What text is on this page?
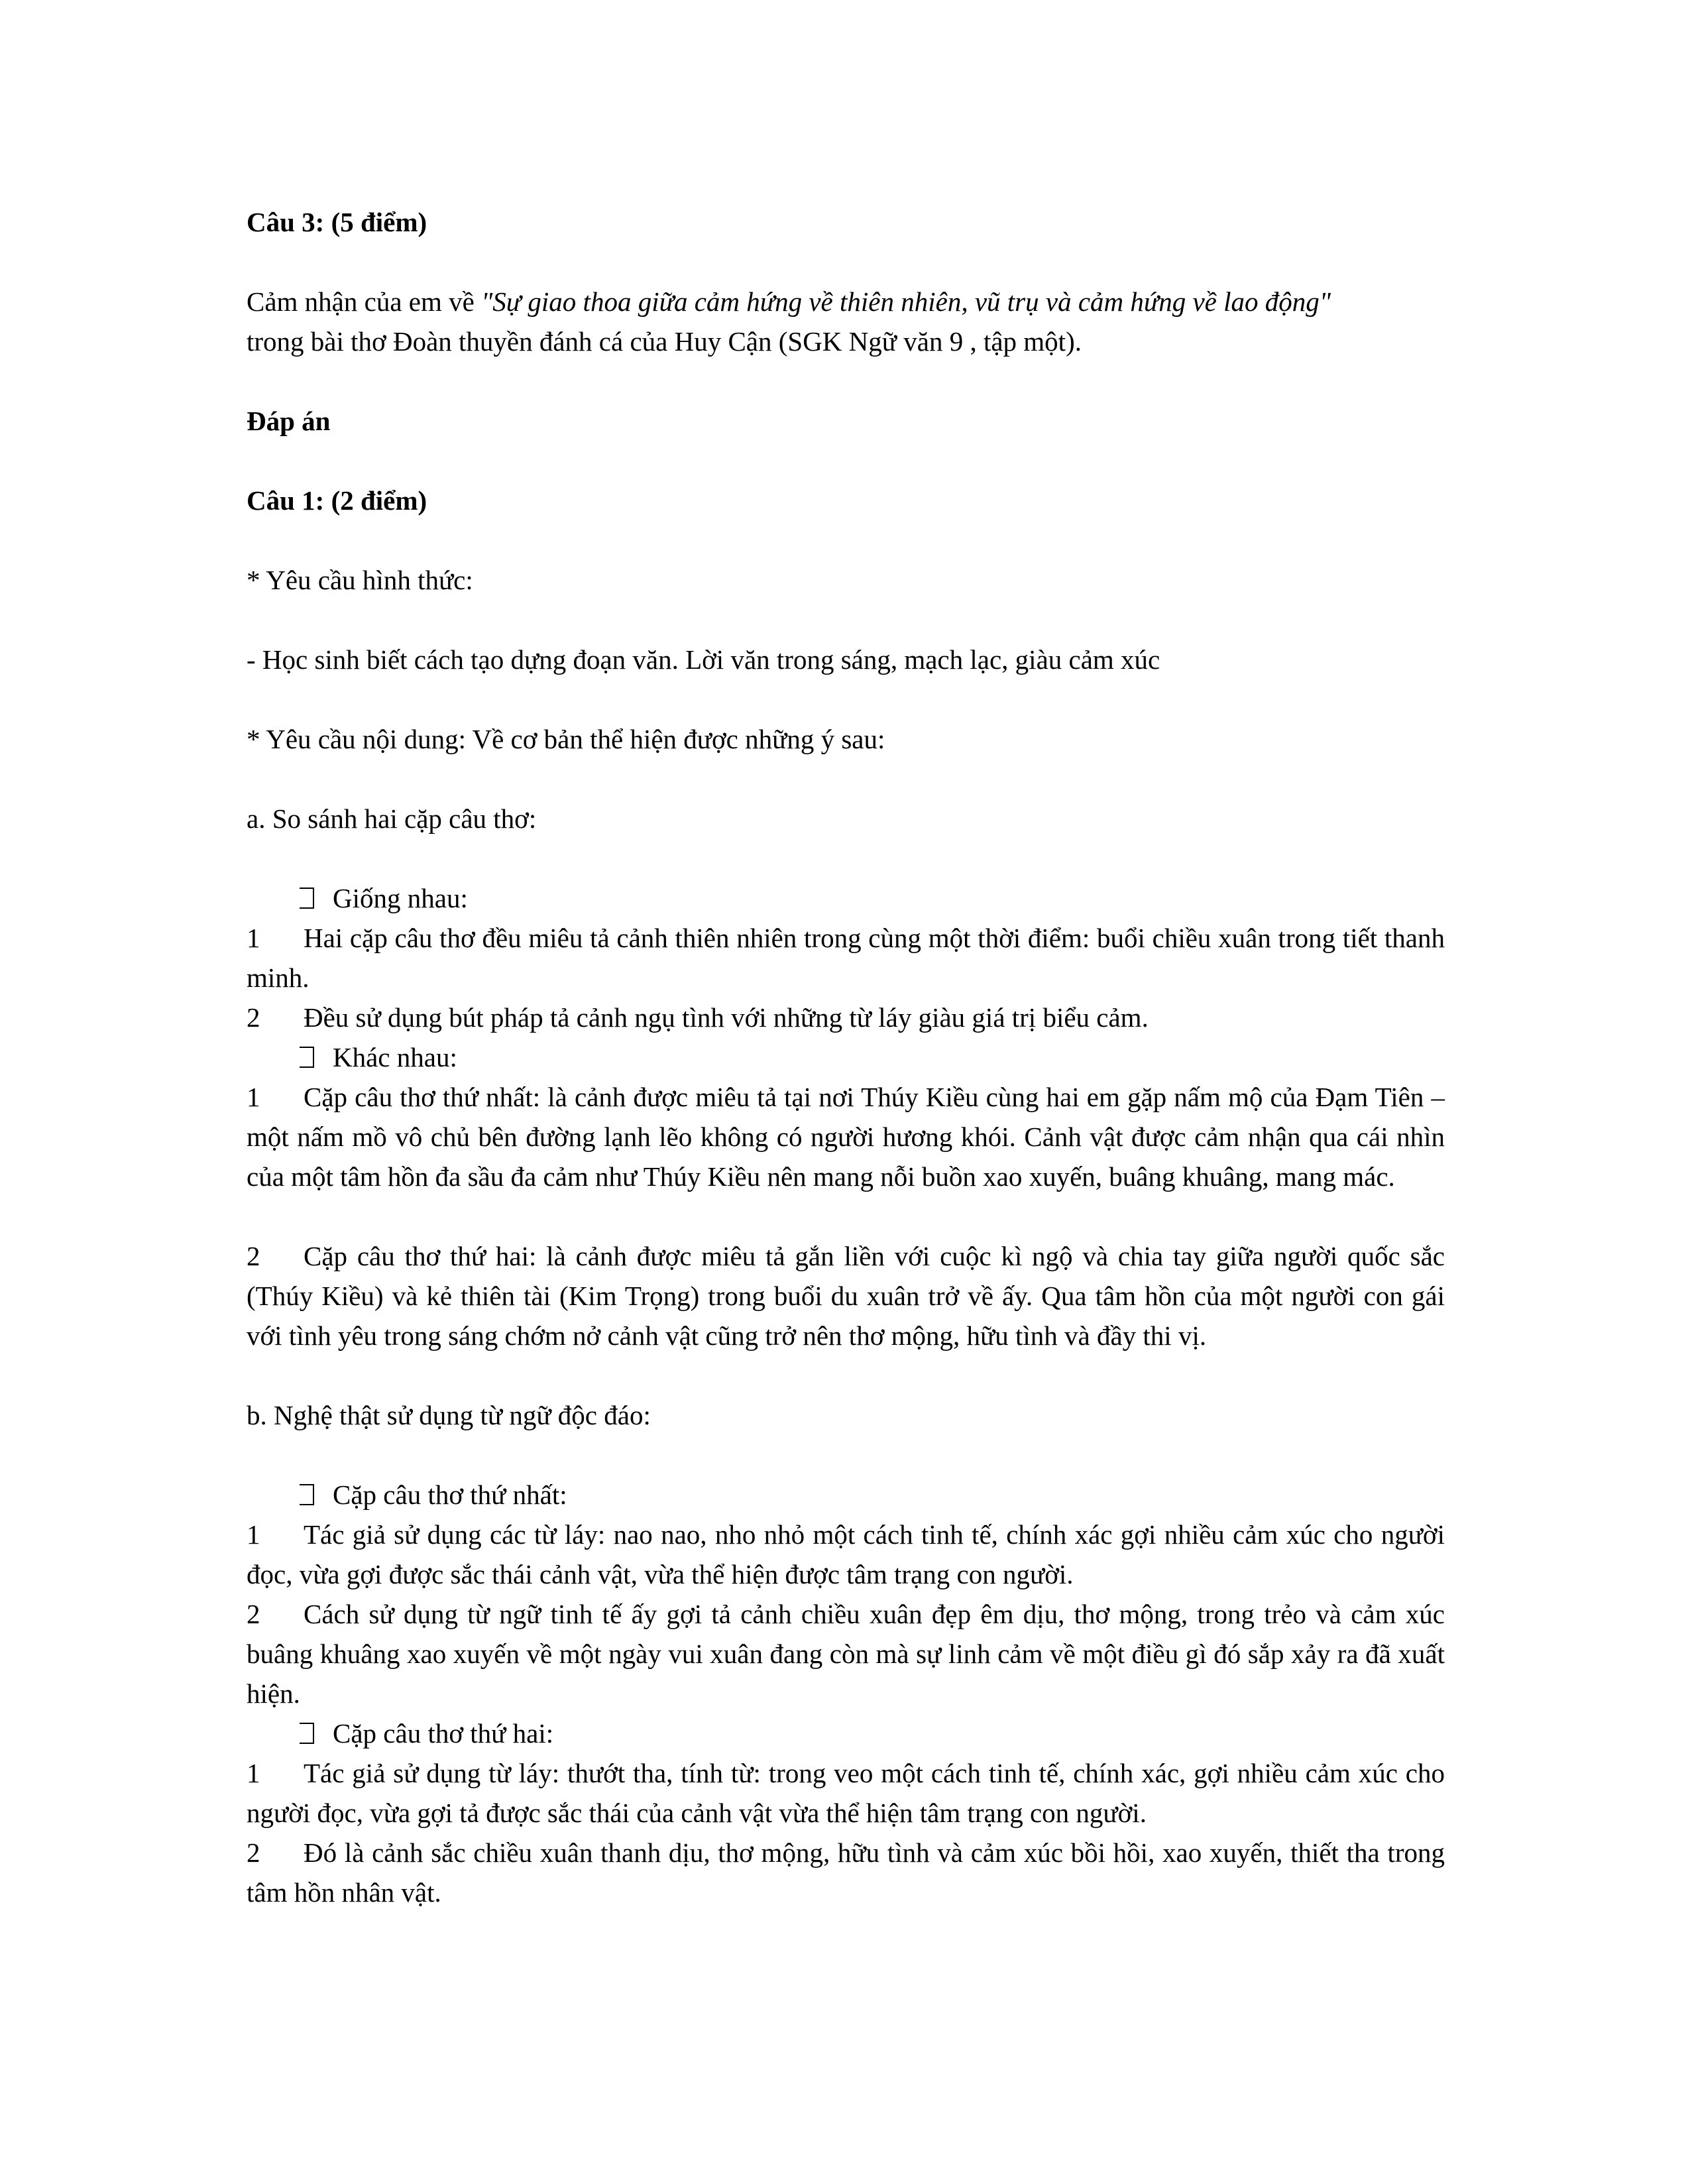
Câu 3: (5 điểm)
Cảm nhận của em về "Sự giao thoa giữa cảm hứng về thiên nhiên, vũ trụ và cảm hứng về lao động"
trong bài thơ Đoàn thuyền đánh cá của Huy Cận (SGK Ngữ văn 9 , tập một).
Đáp án
Câu 1: (2 điểm)
* Yêu cầu hình thức:
- Học sinh biết cách tạo dựng đoạn văn. Lời văn trong sáng, mạch lạc, giàu cảm xúc
* Yêu cầu nội dung: Về cơ bản thể hiện được những ý sau:
a. So sánh hai cặp câu thơ:
Giống nhau:
1	Hai cặp câu thơ đều miêu tả cảnh thiên nhiên trong cùng một thời điểm: buổi chiều xuân trong tiết thanh minh.
2	Đều sử dụng bút pháp tả cảnh ngụ tình với những từ láy giàu giá trị biểu cảm.
Khác nhau:
1	Cặp câu thơ thứ nhất: là cảnh được miêu tả tại nơi Thúy Kiều cùng hai em gặp nấm mộ của Đạm Tiên – một nấm mồ vô chủ bên đường lạnh lẽo không có người hương khói. Cảnh vật được cảm nhận qua cái nhìn của một tâm hồn đa sầu đa cảm như Thúy Kiều nên mang nỗi buồn xao xuyến, buâng khuâng, mang mác.
2	Cặp câu thơ thứ hai: là cảnh được miêu tả gắn liền với cuộc kì ngộ và chia tay giữa người quốc sắc (Thúy Kiều) và kẻ thiên tài (Kim Trọng) trong buổi du xuân trở về ấy. Qua tâm hồn của một người con gái với tình yêu trong sáng chớm nở cảnh vật cũng trở nên thơ mộng, hữu tình và đầy thi vị.
b. Nghệ thật sử dụng từ ngữ độc đáo:
Cặp câu thơ thứ nhất:
1	Tác giả sử dụng các từ láy: nao nao, nho nhỏ một cách tinh tế, chính xác gợi nhiều cảm xúc cho người đọc, vừa gợi được sắc thái cảnh vật, vừa thể hiện được tâm trạng con người.
2	Cách sử dụng từ ngữ tinh tế ấy gợi tả cảnh chiều xuân đẹp êm dịu, thơ mộng, trong trẻo và cảm xúc buâng khuâng xao xuyến về một ngày vui xuân đang còn mà sự linh cảm về một điều gì đó sắp xảy ra đã xuất hiện.
Cặp câu thơ thứ hai:
1	Tác giả sử dụng từ láy: thướt tha, tính từ: trong veo một cách tinh tế, chính xác, gợi nhiều cảm xúc cho người đọc, vừa gợi tả được sắc thái của cảnh vật vừa thể hiện tâm trạng con người.
2	Đó là cảnh sắc chiều xuân thanh dịu, thơ mộng, hữu tình và cảm xúc bồi hồi, xao xuyến, thiết tha trong tâm hồn nhân vật.
